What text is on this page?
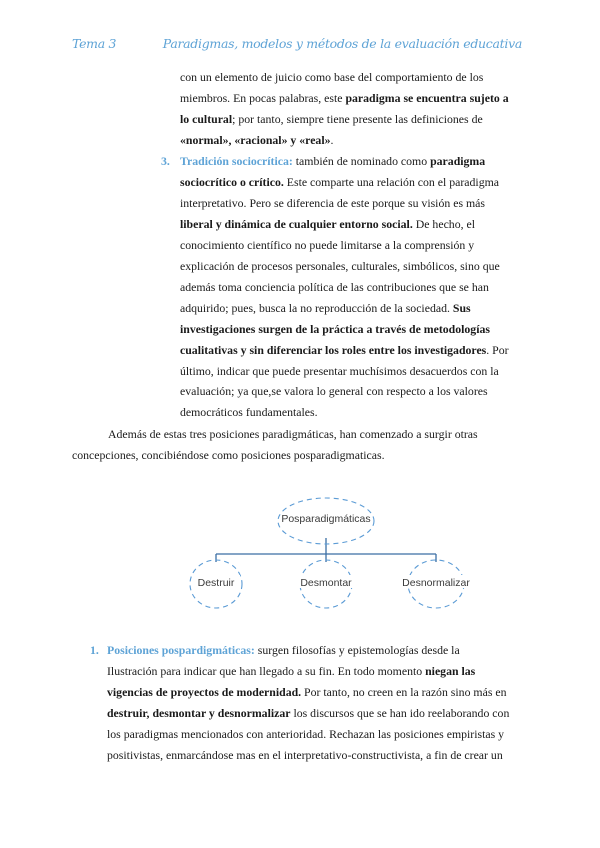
Tema 3	Paradigmas, modelos y métodos de la evaluación educativa
con un elemento de juicio como base del comportamiento de los
miembros. En pocas palabras, este paradigma se encuentra sujeto a
lo cultural; por tanto, siempre tiene presente las definiciones de
«normal», «racional» y «real».
3. Tradición sociocrítica: también de nominado como paradigma
sociocrítico o crítico. Este comparte una relación con el paradigma
interpretativo. Pero se diferencia de este porque su visión es más
liberal y dinámica de cualquier entorno social. De hecho, el
conocimiento científico no puede limitarse a la comprensión y
explicación de procesos personales, culturales, simbólicos, sino que
además toma conciencia política de las contribuciones que se han
adquirido; pues, busca la no reproducción de la sociedad. Sus
investigaciones surgen de la práctica a través de metodologías
cualitativas y sin diferenciar los roles entre los investigadores. Por
último, indicar que puede presentar muchísimos desacuerdos con la
evaluación; ya que,se valora lo general con respecto a los valores
democráticos fundamentales.
Además de estas tres posiciones paradigmáticas, han comenzado a surgir otras
concepciones, concibiéndose como posiciones posparadigmaticas.
Posparadigmáticas
Destruir	Desmontar	Desnormalizar
1. Posiciones pospardigmáticas: surgen filosofías y epistemologías desde la
Ilustración para indicar que han llegado a su fin. En todo momento niegan las
vigencias de proyectos de modernidad. Por tanto, no creen en la razón sino más en
destruir, desmontar y desnormalizar los discursos que se han ido reelaborando con
los paradigmas mencionados con anterioridad. Rechazan las posiciones empiristas y
positivistas, enmarcándose mas en el interpretativo-constructivista, a fin de crear un
